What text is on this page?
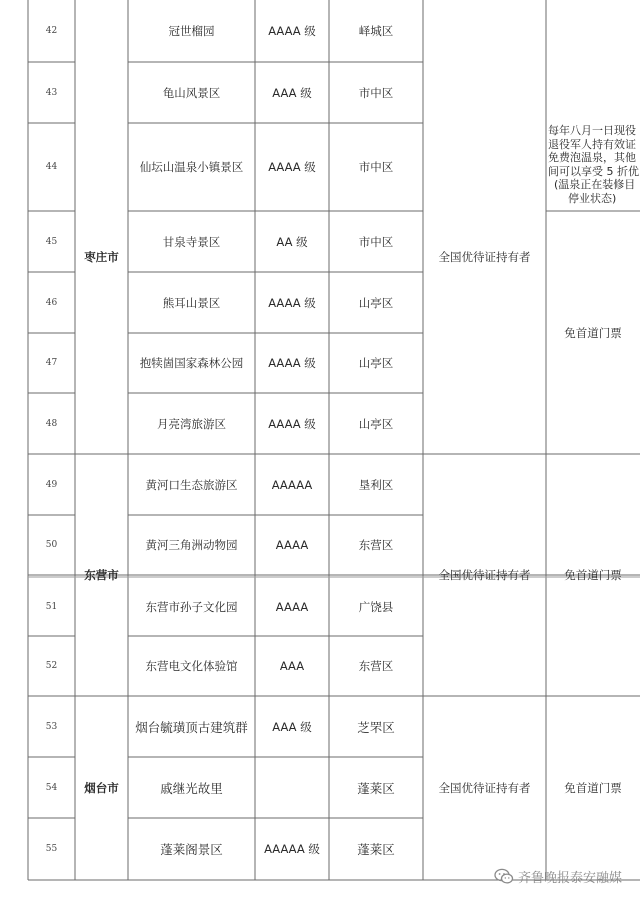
42
43
44
45
46
47
48
49
50
51
52
53
54
55
枣庄市
东营市
烟台市
冠世榴园
龟山风景区
仙坛山温泉小镇景区
甘泉寺景区
熊耳山景区
抱犊崮国家森林公园
月亮湾旅游区
黄河口生态旅游区
黄河三角洲动物园
东营市孙子文化园
东营电文化体验馆
烟台毓璜顶古建筑群
戚继光故里
蓬莱阁景区
AAAA 级
AAA 级
AAAA 级
AA 级
AAAA 级
AAAA 级
AAAA 级
AAAAA
AAAA
AAAA
AAA
AAA 级
AAAAA 级
峄城区
市中区
市中区
市中区
山亭区
山亭区
山亭区
垦利区
东营区
广饶县
东营区
芝罘区
蓬莱区
蓬莱区
全国优待证持有者
全国优待证持有者
全国优待证持有者
每年八月一日现役
退役军人持有效证
免费泡温泉，其他
间可以享受 5 折优
(温泉正在装修目
停业状态)
免首道门票
免首道门票
免首道门票
齐鲁晚报泰安融媒
